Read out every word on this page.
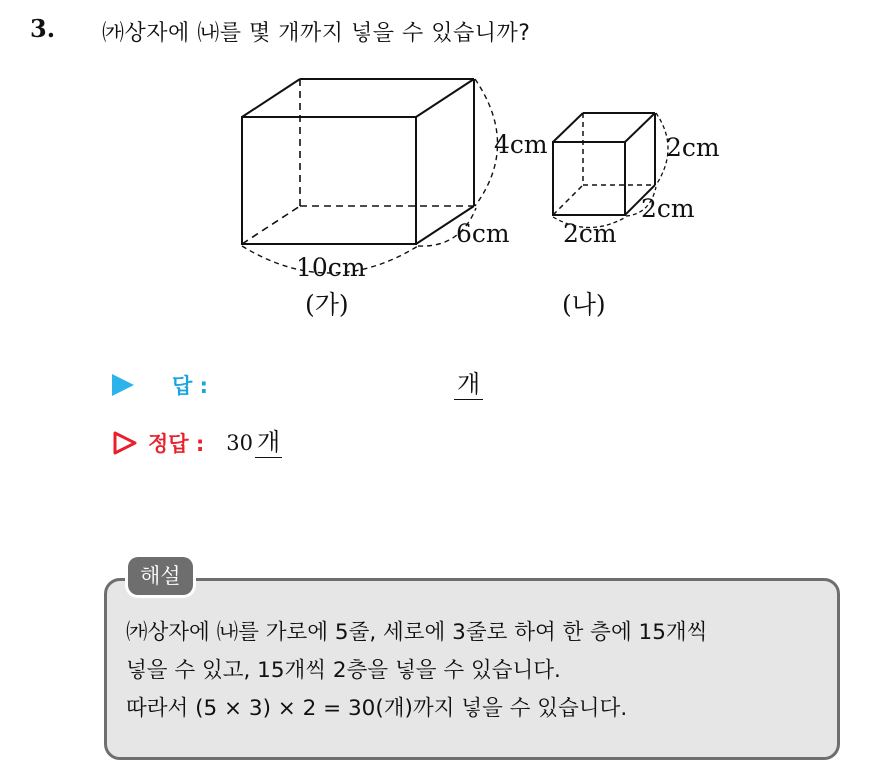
3. ㈎상자에 ㈏를 몇 개까지 넣을 수 있습니까?
10cm
6cm
4cm
(가)
2cm
2cm
2cm
(나)
답 :	개
정답 : 30 개
해설
㈎상자에 ㈏를 가로에 5줄, 세로에 3줄로 하여 한 층에 15개씩
넣을 수 있고, 15개씩 2층을 넣을 수 있습니다.
따라서 (5 × 3) × 2 = 30(개)까지 넣을 수 있습니다.
